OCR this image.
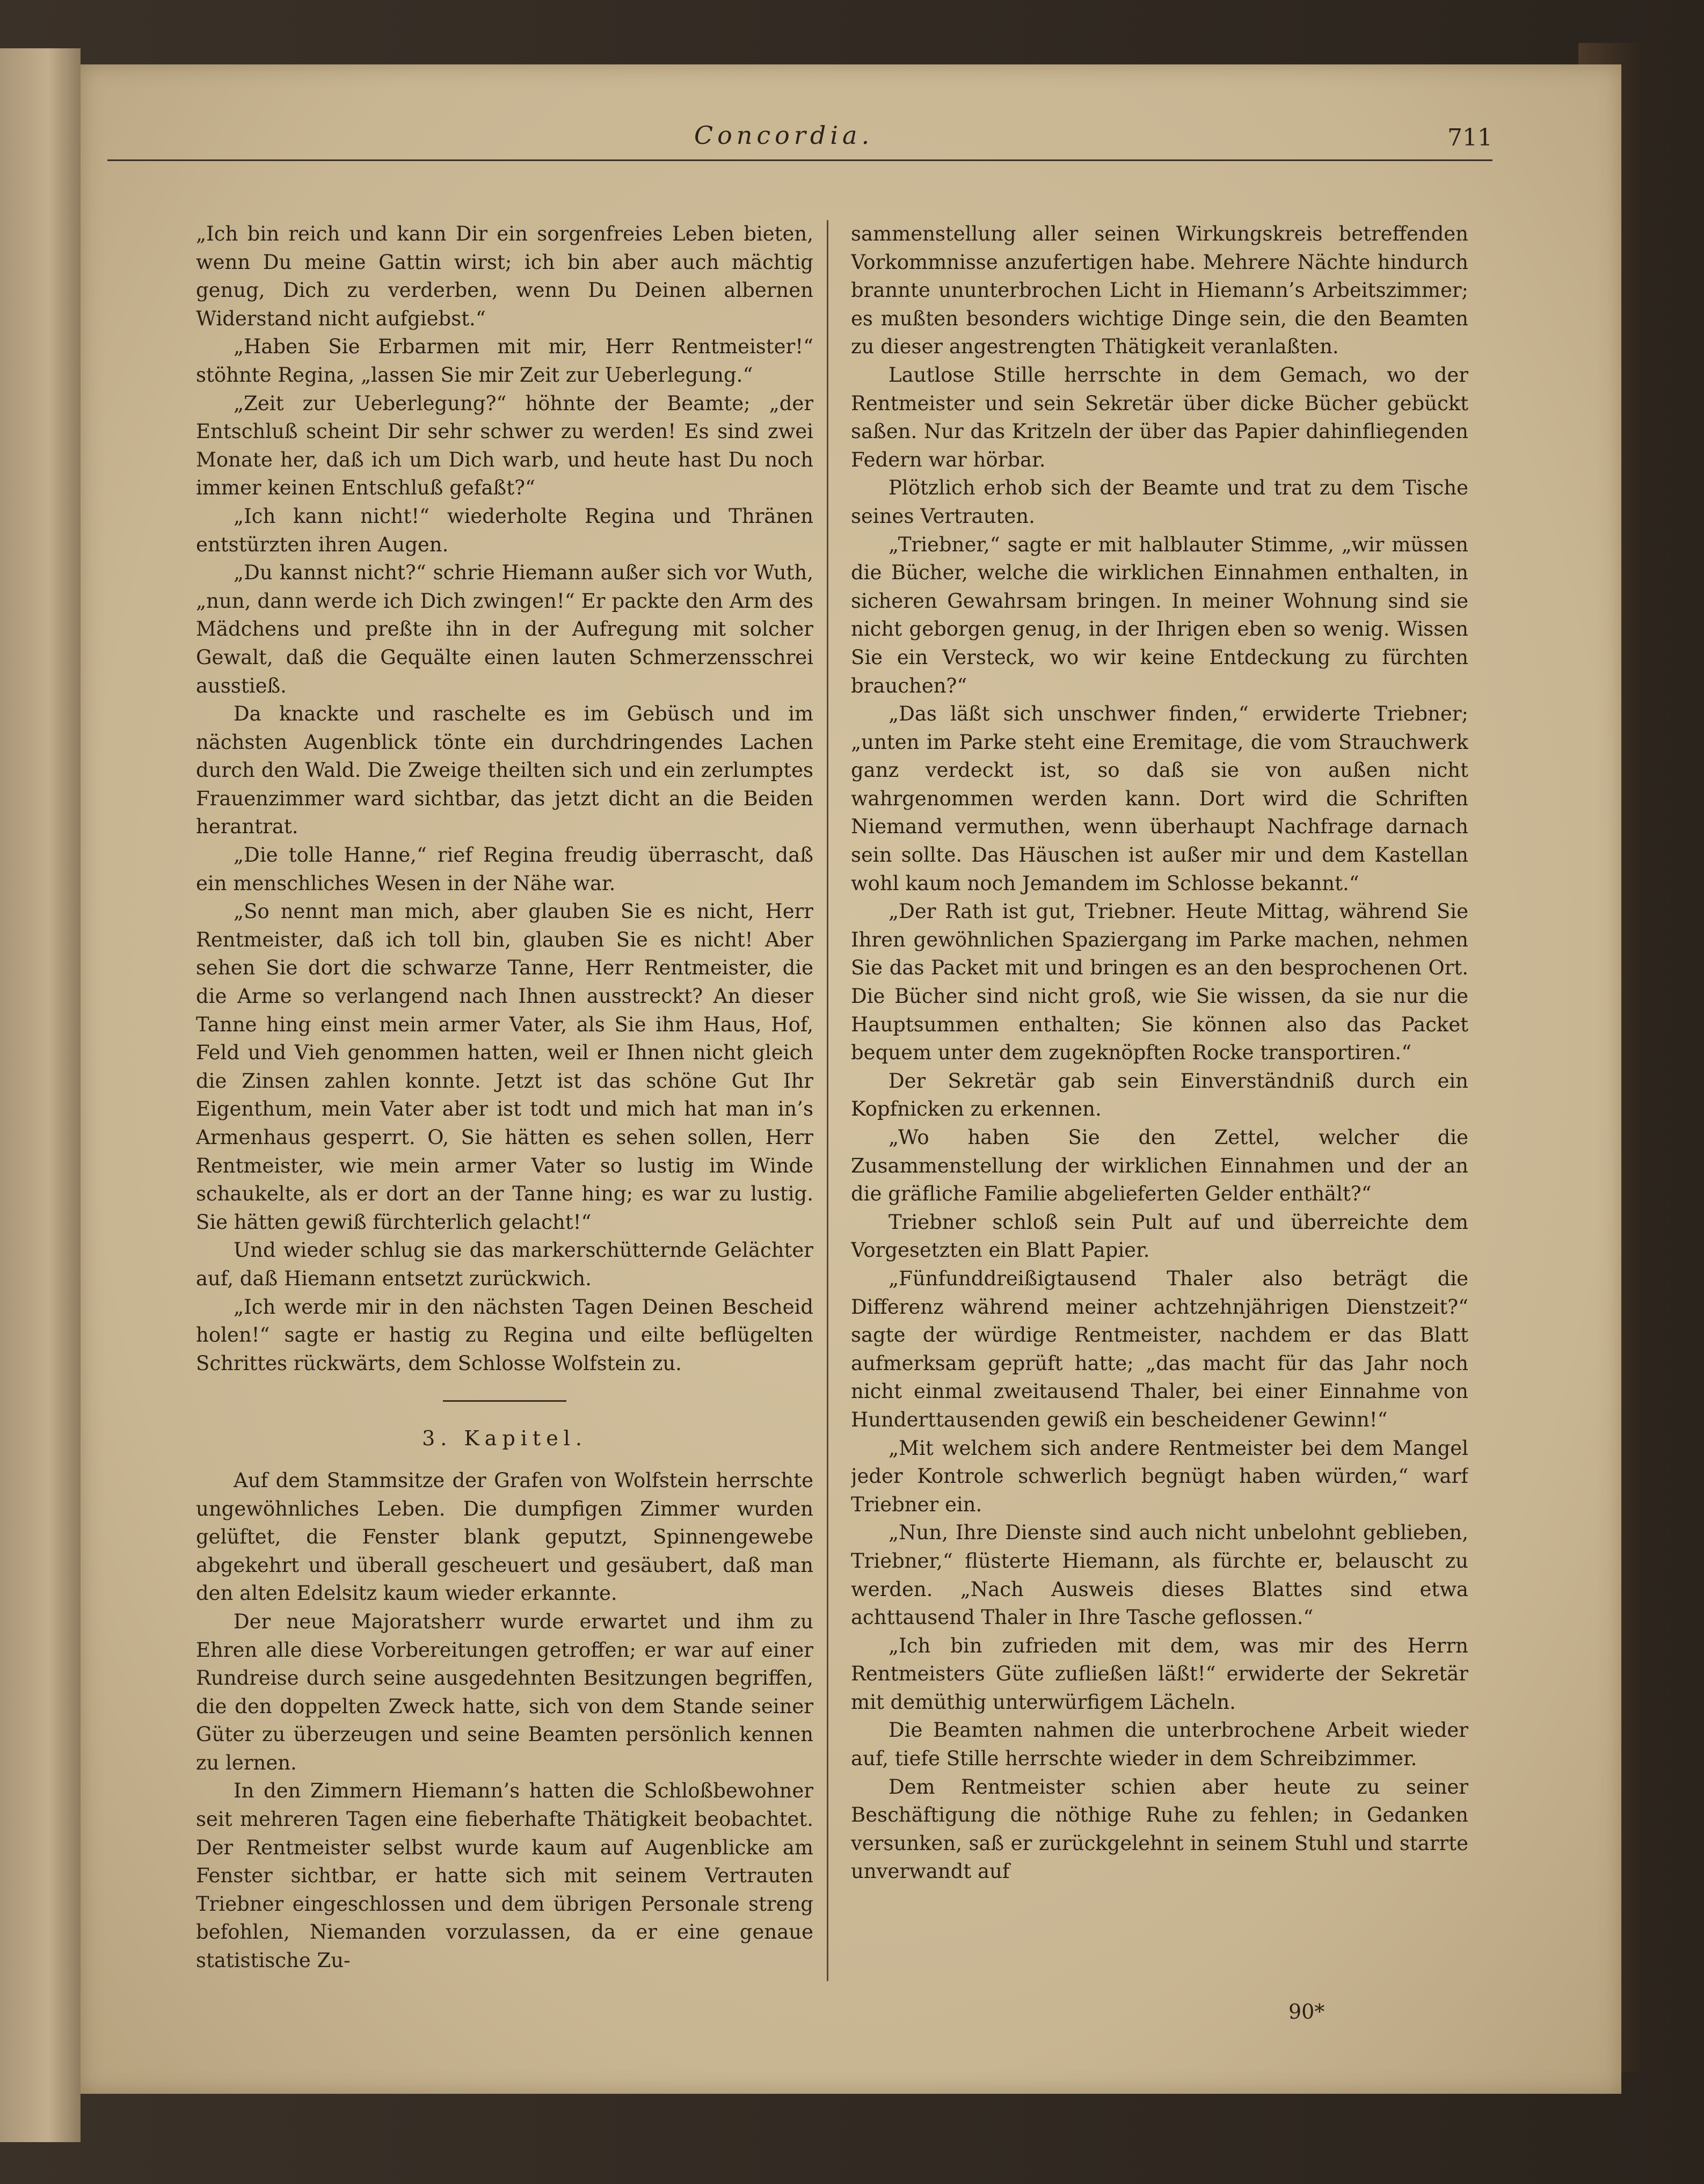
Concordia.	711

„Ich bin reich und kann Dir ein sorgenfreies Leben bieten, wenn Du meine Gattin wirst; ich bin aber auch mächtig genug, Dich zu verderben, wenn Du Deinen albernen Widerstand nicht aufgiebst.“

„Haben Sie Erbarmen mit mir, Herr Rentmeister!“ stöhnte Regina, „lassen Sie mir Zeit zur Ueberlegung.“

„Zeit zur Ueberlegung?“ höhnte der Beamte; „der Entschluß scheint Dir sehr schwer zu werden! Es sind zwei Monate her, daß ich um Dich warb, und heute hast Du noch immer keinen Entschluß gefaßt?“

„Ich kann nicht!“ wiederholte Regina und Thränen entstürzten ihren Augen.

„Du kannst nicht?“ schrie Hiemann außer sich vor Wuth, „nun, dann werde ich Dich zwingen!“ Er packte den Arm des Mädchens und preßte ihn in der Aufregung mit solcher Gewalt, daß die Gequälte einen lauten Schmerzensschrei ausstieß.

Da knackte und raschelte es im Gebüsch und im nächsten Augenblick tönte ein durchdringendes Lachen durch den Wald. Die Zweige theilten sich und ein zerlumptes Frauenzimmer ward sichtbar, das jetzt dicht an die Beiden herantrat.

„Die tolle Hanne,“ rief Regina freudig überrascht, daß ein menschliches Wesen in der Nähe war.

„So nennt man mich, aber glauben Sie es nicht, Herr Rentmeister, daß ich toll bin, glauben Sie es nicht! Aber sehen Sie dort die schwarze Tanne, Herr Rentmeister, die die Arme so verlangend nach Ihnen ausstreckt? An dieser Tanne hing einst mein armer Vater, als Sie ihm Haus, Hof, Feld und Vieh genommen hatten, weil er Ihnen nicht gleich die Zinsen zahlen konnte. Jetzt ist das schöne Gut Ihr Eigenthum, mein Vater aber ist todt und mich hat man in’s Armenhaus gesperrt. O, Sie hätten es sehen sollen, Herr Rentmeister, wie mein armer Vater so lustig im Winde schaukelte, als er dort an der Tanne hing; es war zu lustig. Sie hätten gewiß fürchterlich gelacht!“

Und wieder schlug sie das markerschütternde Gelächter auf, daß Hiemann entsetzt zurückwich.

„Ich werde mir in den nächsten Tagen Deinen Bescheid holen!“ sagte er hastig zu Regina und eilte beflügelten Schrittes rückwärts, dem Schlosse Wolfstein zu.

3. Kapitel.

Auf dem Stammsitze der Grafen von Wolfstein herrschte ungewöhnliches Leben. Die dumpfigen Zimmer wurden gelüftet, die Fenster blank geputzt, Spinnengewebe abgekehrt und überall gescheuert und gesäubert, daß man den alten Edelsitz kaum wieder erkannte.

Der neue Majoratsherr wurde erwartet und ihm zu Ehren alle diese Vorbereitungen getroffen; er war auf einer Rundreise durch seine ausgedehnten Besitzungen begriffen, die den doppelten Zweck hatte, sich von dem Stande seiner Güter zu überzeugen und seine Beamten persönlich kennen zu lernen.

In den Zimmern Hiemann’s hatten die Schloßbewohner seit mehreren Tagen eine fieberhafte Thätigkeit beobachtet. Der Rentmeister selbst wurde kaum auf Augenblicke am Fenster sichtbar, er hatte sich mit seinem Vertrauten Triebner eingeschlossen und dem übrigen Personale streng befohlen, Niemanden vorzulassen, da er eine genaue statistische Zu-

sammenstellung aller seinen Wirkungskreis betreffenden Vorkommnisse anzufertigen habe. Mehrere Nächte hindurch brannte ununterbrochen Licht in Hiemann’s Arbeitszimmer; es mußten besonders wichtige Dinge sein, die den Beamten zu dieser angestrengten Thätigkeit veranlaßten.

Lautlose Stille herrschte in dem Gemach, wo der Rentmeister und sein Sekretär über dicke Bücher gebückt saßen. Nur das Kritzeln der über das Papier dahinfliegenden Federn war hörbar.

Plötzlich erhob sich der Beamte und trat zu dem Tische seines Vertrauten.

„Triebner,“ sagte er mit halblauter Stimme, „wir müssen die Bücher, welche die wirklichen Einnahmen enthalten, in sicheren Gewahrsam bringen. In meiner Wohnung sind sie nicht geborgen genug, in der Ihrigen eben so wenig. Wissen Sie ein Versteck, wo wir keine Entdeckung zu fürchten brauchen?“

„Das läßt sich unschwer finden,“ erwiderte Triebner; „unten im Parke steht eine Eremitage, die vom Strauchwerk ganz verdeckt ist, so daß sie von außen nicht wahrgenommen werden kann. Dort wird die Schriften Niemand vermuthen, wenn überhaupt Nachfrage darnach sein sollte. Das Häuschen ist außer mir und dem Kastellan wohl kaum noch Jemandem im Schlosse bekannt.“

„Der Rath ist gut, Triebner. Heute Mittag, während Sie Ihren gewöhnlichen Spaziergang im Parke machen, nehmen Sie das Packet mit und bringen es an den besprochenen Ort. Die Bücher sind nicht groß, wie Sie wissen, da sie nur die Hauptsummen enthalten; Sie können also das Packet bequem unter dem zugeknöpften Rocke transportiren.“

Der Sekretär gab sein Einverständniß durch ein Kopfnicken zu erkennen.

„Wo haben Sie den Zettel, welcher die Zusammenstellung der wirklichen Einnahmen und der an die gräfliche Familie abgelieferten Gelder enthält?“

Triebner schloß sein Pult auf und überreichte dem Vorgesetzten ein Blatt Papier.

„Fünfunddreißigtausend Thaler also beträgt die Differenz während meiner achtzehnjährigen Dienstzeit?“ sagte der würdige Rentmeister, nachdem er das Blatt aufmerksam geprüft hatte; „das macht für das Jahr noch nicht einmal zweitausend Thaler, bei einer Einnahme von Hunderttausenden gewiß ein bescheidener Gewinn!“

„Mit welchem sich andere Rentmeister bei dem Mangel jeder Kontrole schwerlich begnügt haben würden,“ warf Triebner ein.

„Nun, Ihre Dienste sind auch nicht unbelohnt geblieben, Triebner,“ flüsterte Hiemann, als fürchte er, belauscht zu werden. „Nach Ausweis dieses Blattes sind etwa achttausend Thaler in Ihre Tasche geflossen.“

„Ich bin zufrieden mit dem, was mir des Herrn Rentmeisters Güte zufließen läßt!“ erwiderte der Sekretär mit demüthig unterwürfigem Lächeln.

Die Beamten nahmen die unterbrochene Arbeit wieder auf, tiefe Stille herrschte wieder in dem Schreibzimmer.

Dem Rentmeister schien aber heute zu seiner Beschäftigung die nöthige Ruhe zu fehlen; in Gedanken versunken, saß er zurückgelehnt in seinem Stuhl und starrte unverwandt auf

90*
